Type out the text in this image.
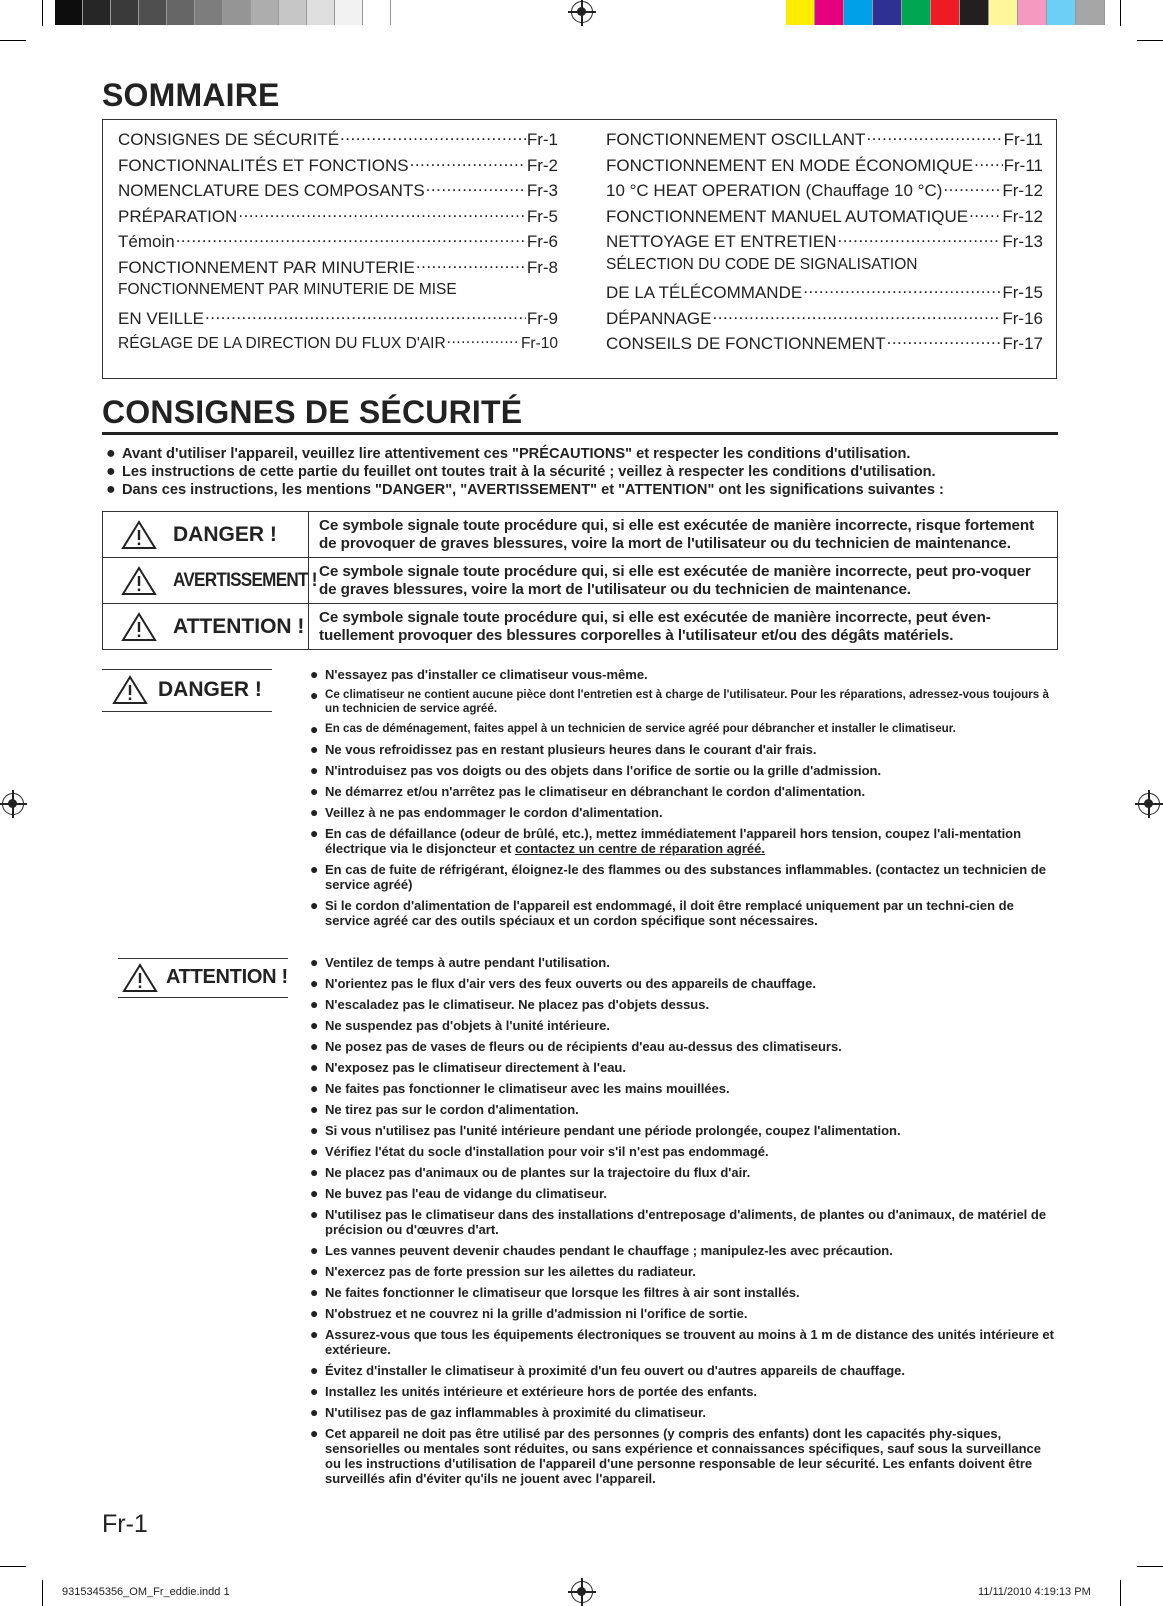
SOMMAIRE
CONSIGNES DE SÉCURITÉ .....	Fr-1
FONCTIONNALITÉS ET FONCTIONS .....	Fr-2
NOMENCLATURE DES COMPOSANTS .....	Fr-3
PRÉPARATION .....	Fr-5
Témoin .....	Fr-6
FONCTIONNEMENT PAR MINUTERIE .....	Fr-8
FONCTIONNEMENT PAR MINUTERIE DE MISE
EN VEILLE .....	Fr-9
RÉGLAGE DE LA DIRECTION DU FLUX D'AIR .....	Fr-10
FONCTIONNEMENT OSCILLANT .....	Fr-11
FONCTIONNEMENT EN MODE ÉCONOMIQUE ..... Fr-11
10 °C HEAT OPERATION (Chauffage 10 °C) .....	Fr-12
FONCTIONNEMENT MANUEL AUTOMATIQUE ..... Fr-12
NETTOYAGE ET ENTRETIEN .....	Fr-13
SÉLECTION DU CODE DE SIGNALISATION
DE LA TÉLÉCOMMANDE .....	Fr-15
DÉPANNAGE .....	Fr-16
CONSEILS DE FONCTIONNEMENT .....	Fr-17
CONSIGNES DE SÉCURITÉ
● Avant d'utiliser l'appareil, veuillez lire attentivement ces "PRÉCAUTIONS" et respecter les conditions d'utilisation.
● Les instructions de cette partie du feuillet ont toutes trait à la sécurité ; veillez à respecter les conditions d'utilisation.
● Dans ces instructions, les mentions "DANGER", "AVERTISSEMENT" et "ATTENTION" ont les significations suivantes :
DANGER !	Ce symbole signale toute procédure qui, si elle est exécutée de manière incorrecte, risque fortement de provoquer de graves blessures, voire la mort de l'utilisateur ou du technicien de maintenance.

AVERTISSEMENT !	Ce symbole signale toute procédure qui, si elle est exécutée de manière incorrecte, peut pro-voquer de graves blessures, voire la mort de l'utilisateur ou du technicien de maintenance.

ATTENTION !	Ce symbole signale toute procédure qui, si elle est exécutée de manière incorrecte, peut éven-tuellement provoquer des blessures corporelles à l'utilisateur et/ou des dégâts matériels.
DANGER !
● N'essayez pas d'installer ce climatiseur vous-même.
● Ce climatiseur ne contient aucune pièce dont l'entretien est à charge de l'utilisateur. Pour les réparations, adressez-vous toujours à un technicien de service agréé.
● En cas de déménagement, faites appel à un technicien de service agréé pour débrancher et installer le climatiseur.
● Ne vous refroidissez pas en restant plusieurs heures dans le courant d'air frais.
● N'introduisez pas vos doigts ou des objets dans l'orifice de sortie ou la grille d'admission.
● Ne démarrez et/ou n'arrêtez pas le climatiseur en débranchant le cordon d'alimentation.
● Veillez à ne pas endommager le cordon d'alimentation.
● En cas de défaillance (odeur de brûlé, etc.), mettez immédiatement l'appareil hors tension, coupez l'ali-mentation électrique via le disjoncteur et contactez un centre de réparation agréé.
● En cas de fuite de réfrigérant, éloignez-le des flammes ou des substances inflammables. (contactez un technicien de service agréé)
● Si le cordon d'alimentation de l'appareil est endommagé, il doit être remplacé uniquement par un techni-cien de service agréé car des outils spéciaux et un cordon spécifique sont nécessaires.
ATTENTION !
● Ventilez de temps à autre pendant l'utilisation.
● N'orientez pas le flux d'air vers des feux ouverts ou des appareils de chauffage.
● N'escaladez pas le climatiseur. Ne placez pas d'objets dessus.
● Ne suspendez pas d'objets à l'unité intérieure.
● Ne posez pas de vases de fleurs ou de récipients d'eau au-dessus des climatiseurs.
● N'exposez pas le climatiseur directement à l'eau.
● Ne faites pas fonctionner le climatiseur avec les mains mouillées.
● Ne tirez pas sur le cordon d'alimentation.
● Si vous n'utilisez pas l'unité intérieure pendant une période prolongée, coupez l'alimentation.
● Vérifiez l'état du socle d'installation pour voir s'il n'est pas endommagé.
● Ne placez pas d'animaux ou de plantes sur la trajectoire du flux d'air.
● Ne buvez pas l'eau de vidange du climatiseur.
● N'utilisez pas le climatiseur dans des installations d'entreposage d'aliments, de plantes ou d'animaux, de matériel de précision ou d'œuvres d'art.
● Les vannes peuvent devenir chaudes pendant le chauffage ; manipulez-les avec précaution.
● N'exercez pas de forte pression sur les ailettes du radiateur.
● Ne faites fonctionner le climatiseur que lorsque les filtres à air sont installés.
● N'obstruez et ne couvrez ni la grille d'admission ni l'orifice de sortie.
● Assurez-vous que tous les équipements électroniques se trouvent au moins à 1 m de distance des unités intérieure et extérieure.
● Évitez d'installer le climatiseur à proximité d'un feu ouvert ou d'autres appareils de chauffage.
● Installez les unités intérieure et extérieure hors de portée des enfants.
● N'utilisez pas de gaz inflammables à proximité du climatiseur.
● Cet appareil ne doit pas être utilisé par des personnes (y compris des enfants) dont les capacités phy-siques, sensorielles ou mentales sont réduites, ou sans expérience et connaissances spécifiques, sauf sous la surveillance ou les instructions d'utilisation de l'appareil d'une personne responsable de leur sécurité. Les enfants doivent être surveillés afin d'éviter qu'ils ne jouent avec l'appareil.
Fr-1
9315345356_OM_Fr_eddie.indd 1	11/11/2010 4:19:13 PM
